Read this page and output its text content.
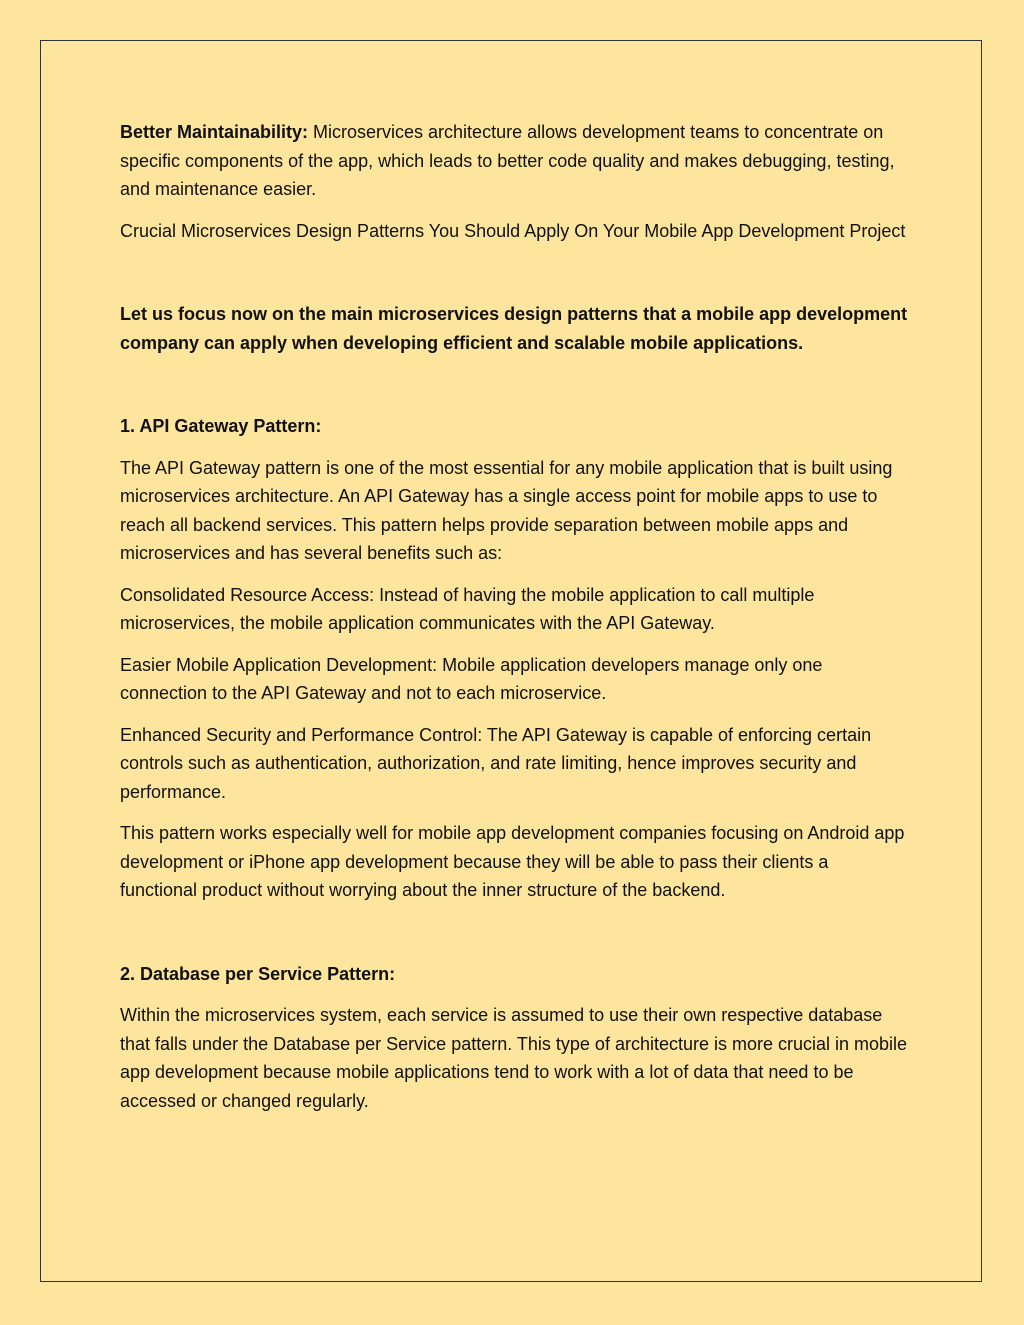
Better Maintainability: Microservices architecture allows development teams to concentrate on specific components of the app, which leads to better code quality and makes debugging, testing, and maintenance easier.

Crucial Microservices Design Patterns You Should Apply On Your Mobile App Development Project

Let us focus now on the main microservices design patterns that a mobile app development company can apply when developing efficient and scalable mobile applications.

1. API Gateway Pattern:

The API Gateway pattern is one of the most essential for any mobile application that is built using microservices architecture. An API Gateway has a single access point for mobile apps to use to reach all backend services. This pattern helps provide separation between mobile apps and microservices and has several benefits such as:

Consolidated Resource Access: Instead of having the mobile application to call multiple microservices, the mobile application communicates with the API Gateway.

Easier Mobile Application Development: Mobile application developers manage only one connection to the API Gateway and not to each microservice.

Enhanced Security and Performance Control: The API Gateway is capable of enforcing certain controls such as authentication, authorization, and rate limiting, hence improves security and performance.

This pattern works especially well for mobile app development companies focusing on Android app development or iPhone app development because they will be able to pass their clients a functional product without worrying about the inner structure of the backend.

2. Database per Service Pattern:

Within the microservices system, each service is assumed to use their own respective database that falls under the Database per Service pattern. This type of architecture is more crucial in mobile app development because mobile applications tend to work with a lot of data that need to be accessed or changed regularly.
